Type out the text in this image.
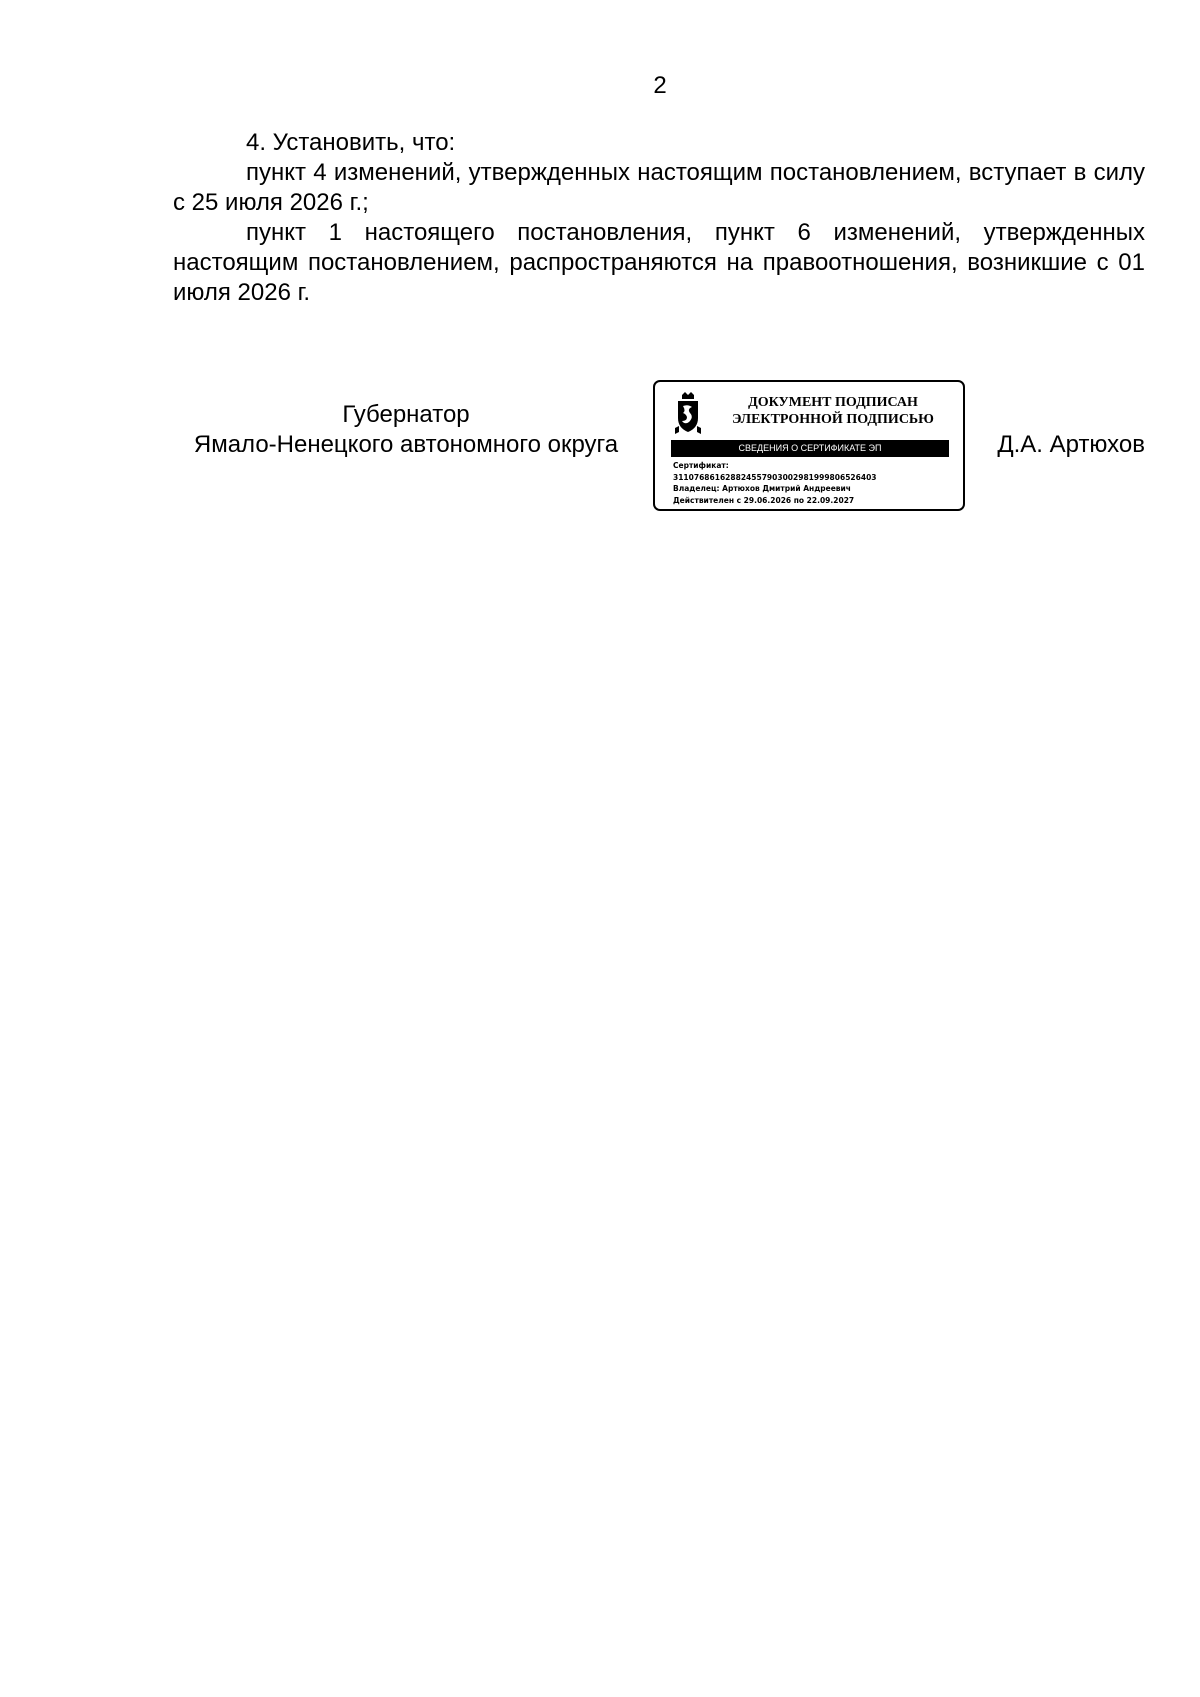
2

4. Установить, что:

пункт 4 изменений, утвержденных настоящим постановлением, вступает в силу с 25 июля 2026 г.;

пункт 1 настоящего постановления, пункт 6 изменений, утвержденных настоящим постановлением, распространяются на правоотношения, возникшие с 01 июля 2026 г.

Губернатор
Ямало-Ненецкого автономного округа
ДОКУМЕНТ ПОДПИСАН
ЭЛЕКТРОННОЙ ПОДПИСЬЮ
СВЕДЕНИЯ О СЕРТИФИКАТЕ ЭП
Сертификат:
311076861628824557903002981999806526403
Владелец: Артюхов Дмитрий Андреевич
Действителен с 29.06.2026 по 22.09.2027
Д.А. Артюхов
